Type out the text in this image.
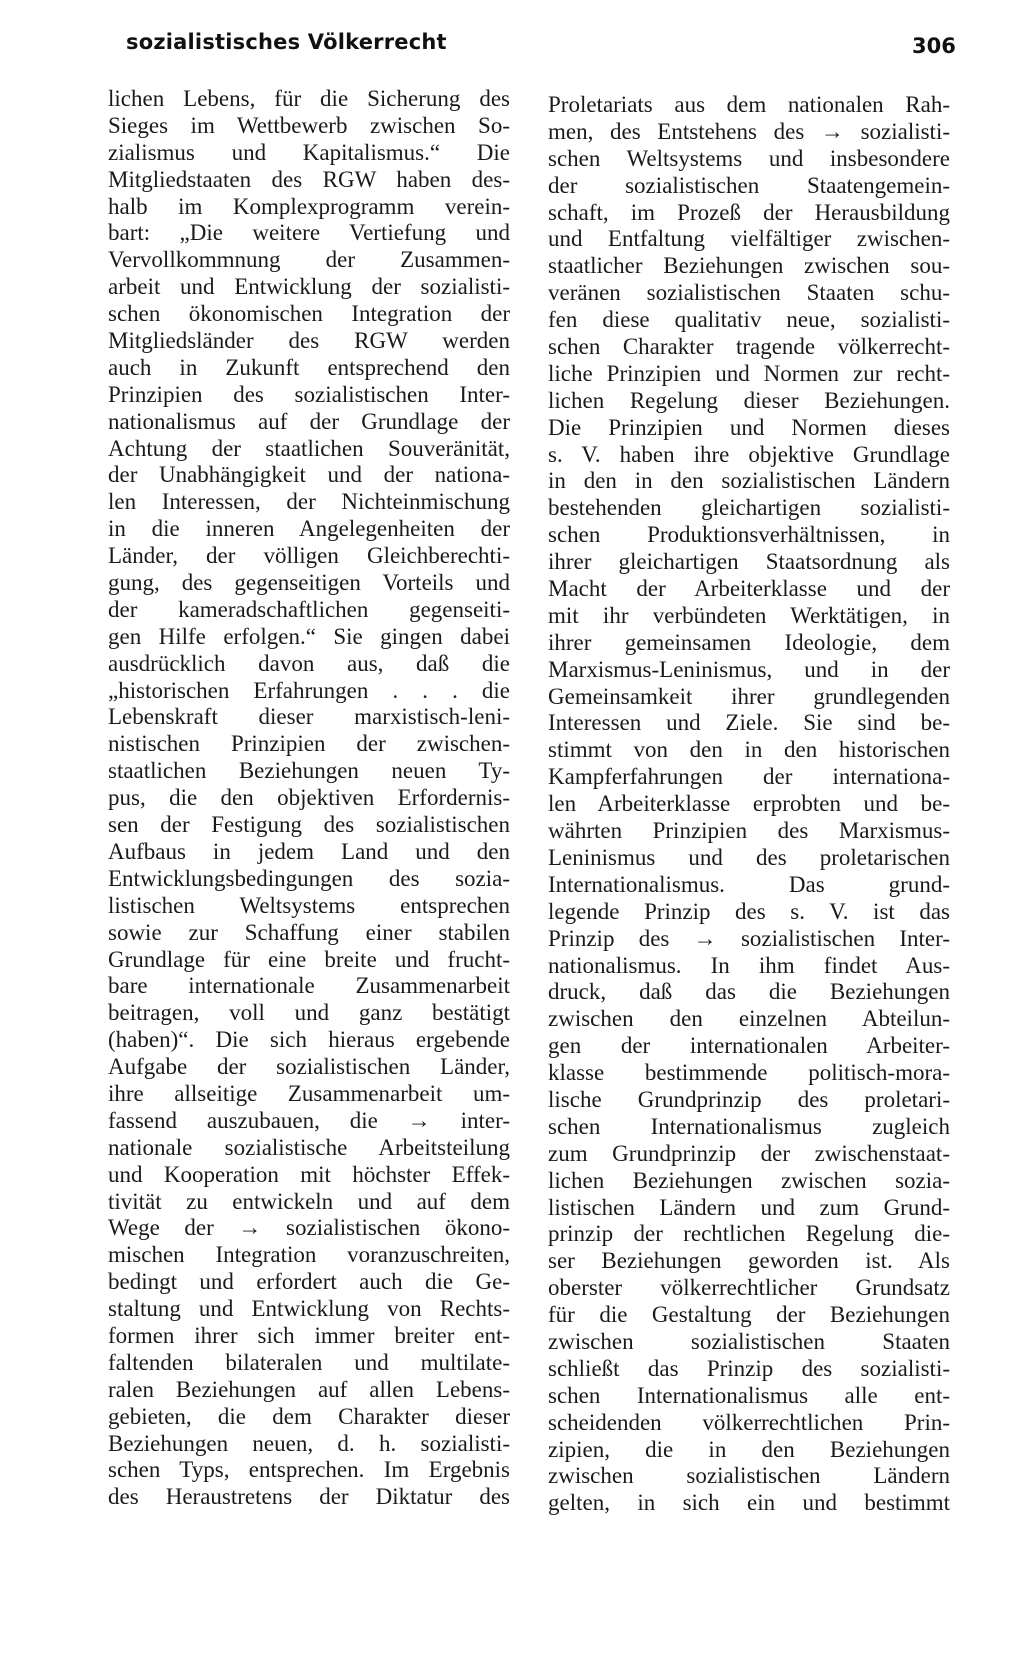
sozialistisches Völkerrecht	306
lichen Lebens, für die Sicherung des
Sieges im Wettbewerb zwischen So-
zialismus und Kapitalismus.“ Die
Mitgliedstaaten des RGW haben des-
halb im Komplexprogramm verein-
bart: „Die weitere Vertiefung und
Vervollkommnung der Zusammen-
arbeit und Entwicklung der sozialisti-
schen ökonomischen Integration der
Mitgliedsländer des RGW werden
auch in Zukunft entsprechend den
Prinzipien des sozialistischen Inter-
nationalismus auf der Grundlage der
Achtung der staatlichen Souveränität,
der Unabhängigkeit und der nationa-
len Interessen, der Nichteinmischung
in die inneren Angelegenheiten der
Länder, der völligen Gleichberechti-
gung, des gegenseitigen Vorteils und
der kameradschaftlichen gegenseiti-
gen Hilfe erfolgen.“ Sie gingen dabei
ausdrücklich davon aus, daß die
„historischen Erfahrungen . . . die
Lebenskraft dieser marxistisch-leni-
nistischen Prinzipien der zwischen-
staatlichen Beziehungen neuen Ty-
pus, die den objektiven Erfordernis-
sen der Festigung des sozialistischen
Aufbaus in jedem Land und den
Entwicklungsbedingungen des sozia-
listischen Weltsystems entsprechen
sowie zur Schaffung einer stabilen
Grundlage für eine breite und frucht-
bare internationale Zusammenarbeit
beitragen, voll und ganz bestätigt
(haben)“. Die sich hieraus ergebende
Aufgabe der sozialistischen Länder,
ihre allseitige Zusammenarbeit um-
fassend auszubauen, die → inter-
nationale sozialistische Arbeitsteilung
und Kooperation mit höchster Effek-
tivität zu entwickeln und auf dem
Wege der → sozialistischen ökono-
mischen Integration voranzuschreiten,
bedingt und erfordert auch die Ge-
staltung und Entwicklung von Rechts-
formen ihrer sich immer breiter ent-
faltenden bilateralen und multilate-
ralen Beziehungen auf allen Lebens-
gebieten, die dem Charakter dieser
Beziehungen neuen, d. h. sozialisti-
schen Typs, entsprechen. Im Ergebnis
des Heraustretens der Diktatur des
Proletariats aus dem nationalen Rah-
men, des Entstehens des → sozialisti-
schen Weltsystems und insbesondere
der sozialistischen Staatengemein-
schaft, im Prozeß der Herausbildung
und Entfaltung vielfältiger zwischen-
staatlicher Beziehungen zwischen sou-
veränen sozialistischen Staaten schu-
fen diese qualitativ neue, sozialisti-
schen Charakter tragende völkerrecht-
liche Prinzipien und Normen zur recht-
lichen Regelung dieser Beziehungen.
Die Prinzipien und Normen dieses
s. V. haben ihre objektive Grundlage
in den in den sozialistischen Ländern
bestehenden gleichartigen sozialisti-
schen Produktionsverhältnissen, in
ihrer gleichartigen Staatsordnung als
Macht der Arbeiterklasse und der
mit ihr verbündeten Werktätigen, in
ihrer gemeinsamen Ideologie, dem
Marxismus-Leninismus, und in der
Gemeinsamkeit ihrer grundlegenden
Interessen und Ziele. Sie sind be-
stimmt von den in den historischen
Kampferfahrungen der internationa-
len Arbeiterklasse erprobten und be-
währten Prinzipien des Marxismus-
Leninismus und des proletarischen
Internationalismus. Das grund-
legende Prinzip des s. V. ist das
Prinzip des → sozialistischen Inter-
nationalismus. In ihm findet Aus-
druck, daß das die Beziehungen
zwischen den einzelnen Abteilun-
gen der internationalen Arbeiter-
klasse bestimmende politisch-mora-
lische Grundprinzip des proletari-
schen Internationalismus zugleich
zum Grundprinzip der zwischenstaat-
lichen Beziehungen zwischen sozia-
listischen Ländern und zum Grund-
prinzip der rechtlichen Regelung die-
ser Beziehungen geworden ist. Als
oberster völkerrechtlicher Grundsatz
für die Gestaltung der Beziehungen
zwischen sozialistischen Staaten
schließt das Prinzip des sozialisti-
schen Internationalismus alle ent-
scheidenden völkerrechtlichen Prin-
zipien, die in den Beziehungen
zwischen sozialistischen Ländern
gelten, in sich ein und bestimmt
